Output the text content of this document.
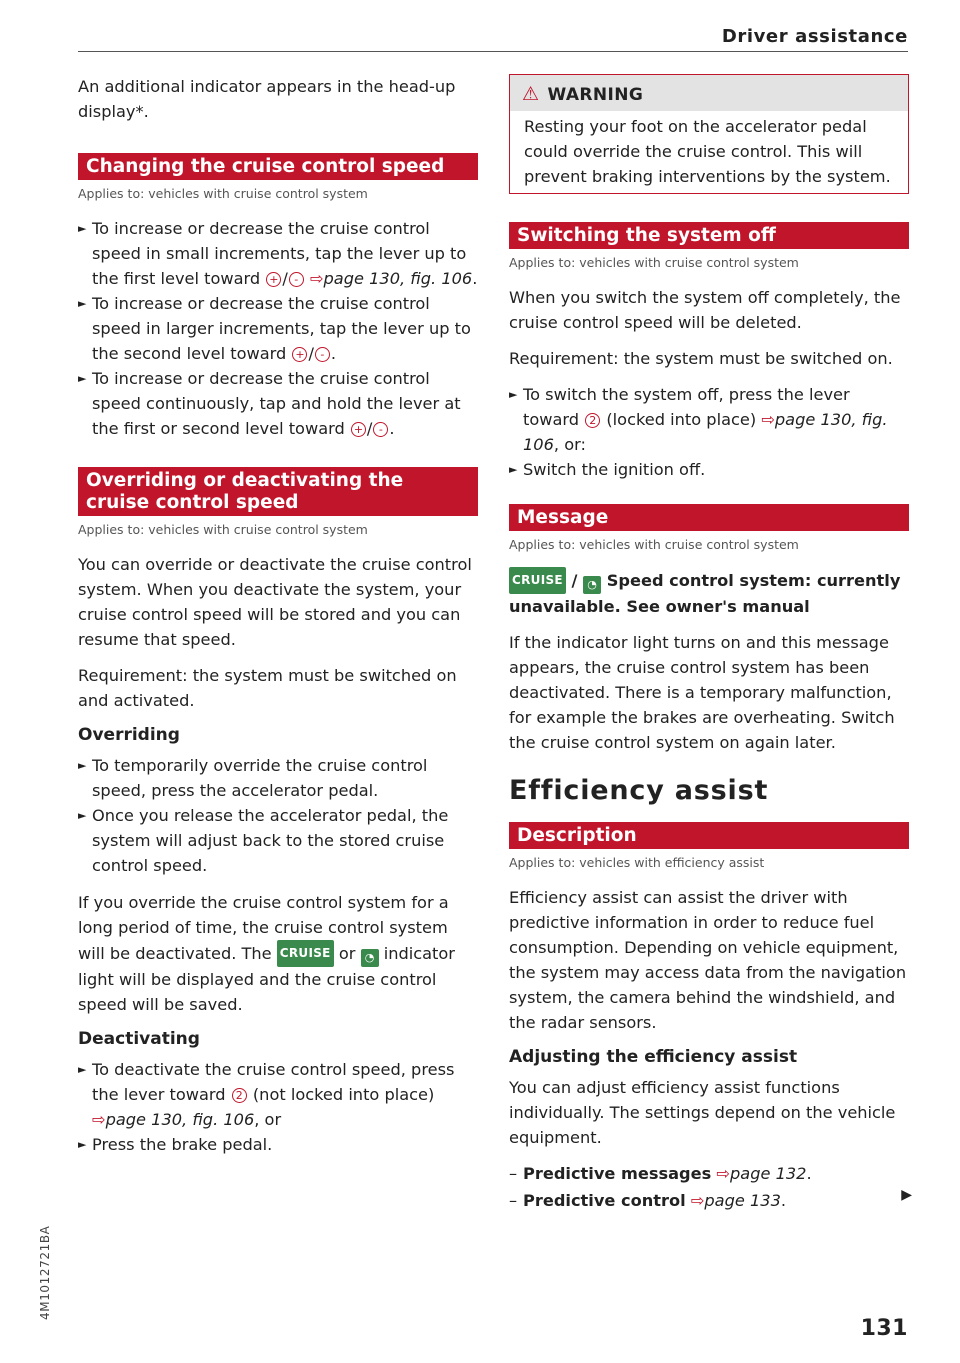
Driver assistance

An additional indicator appears in the head-up display*.

Changing the cruise control speed
Applies to: vehicles with cruise control system
► To increase or decrease the cruise control speed in small increments, tap the lever up to the first level toward + / - ⇨page 130, fig. 106.
► To increase or decrease the cruise control speed in larger increments, tap the lever up to the second level toward + / - .
► To increase or decrease the cruise control speed continuously, tap and hold the lever at the first or second level toward + / - .
Overriding or deactivating the cruise control speed
Applies to: vehicles with cruise control system

You can override or deactivate the cruise control system. When you deactivate the system, your cruise control speed will be stored and you can resume that speed.

Requirement: the system must be switched on and activated.

Overriding
► To temporarily override the cruise control speed, press the accelerator pedal.
► Once you release the accelerator pedal, the system will adjust back to the stored cruise control speed.

If you override the cruise control system for a long period of time, the cruise control system will be deactivated. The CRUISE or ◔ indicator light will be displayed and the cruise control speed will be saved.

Deactivating
► To deactivate the cruise control speed, press the lever toward 2 (not locked into place) ⇨page 130, fig. 106, or
► Press the brake pedal.
⚠ WARNING

Resting your foot on the accelerator pedal could override the cruise control. This will prevent braking interventions by the system.

Switching the system off
Applies to: vehicles with cruise control system

When you switch the system off completely, the cruise control speed will be deleted.

Requirement: the system must be switched on.

► To switch the system off, press the lever toward 2 (locked into place) ⇨page 130, fig. 106, or:
► Switch the ignition off.
Message
Applies to: vehicles with cruise control system

CRUISE / ◔ Speed control system: currently unavailable. See owner's manual

If the indicator light turns on and this message appears, the cruise control system has been deactivated. There is a temporary malfunction, for example the brakes are overheating. Switch the cruise control system on again later.

Efficiency assist
Description
Applies to: vehicles with efficiency assist

Efficiency assist can assist the driver with predictive information in order to reduce fuel consumption. Depending on vehicle equipment, the system may access data from the navigation system, the camera behind the windshield, and the radar sensors.

Adjusting the efficiency assist

You can adjust efficiency assist functions individually. The settings depend on the vehicle equipment.

– Predictive messages ⇨page 132.
– Predictive control ⇨page 133.	▶
4M1012721BA
131
